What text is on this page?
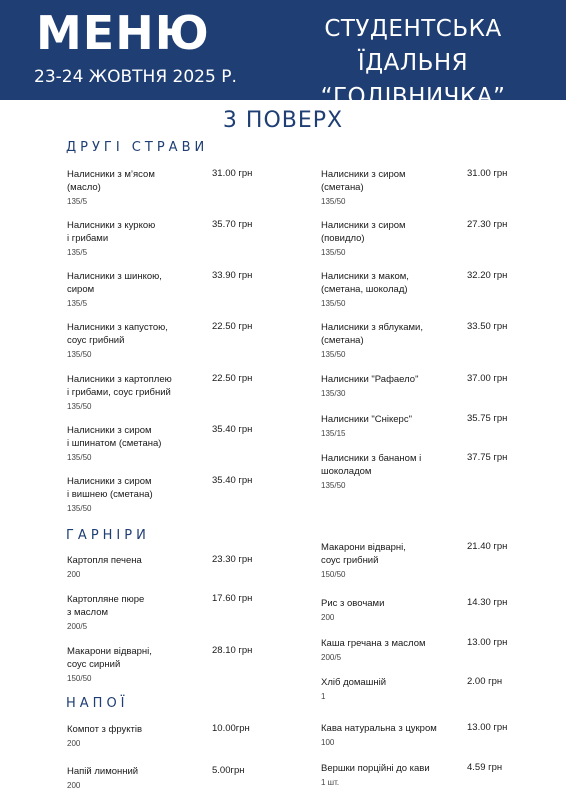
МЕНЮ
23-24 ЖОВТНЯ 2025 Р.
СТУДЕНТСЬКА ЇДАЛЬНЯ
“ГОДІВНИЧКА”
3 ПОВЕРХ
ДРУГІ СТРАВИ
ГАРНІРИ
НАПОЇ
Налисники з м’ясом
(масло)
135/5
31.00 грн
Налисники з куркою
і грибами
135/5
35.70 грн
Налисники з шинкою,
сиром
135/5
33.90 грн
Налисники з капустою,
соус грибний
135/50
22.50 грн
Налисники з картоплею
і грибами, соус грибний
135/50
22.50 грн
Налисники з сиром
і шпинатом (сметана)
135/50
35.40 грн
Налисники з сиром
і вишнею (сметана)
135/50
35.40 грн
Налисники з сиром
(сметана)
135/50
31.00 грн
Налисники з сиром
(повидло)
135/50
27.30 грн
Налисники з маком,
(сметана, шоколад)
135/50
32.20 грн
Налисники з яблуками,
(сметана)
135/50
33.50 грн
Налисники "Рафаело"
135/30
37.00 грн
Налисники "Снікерс"
135/15
35.75 грн
Налисники з бананом і
шоколадом
135/50
37.75 грн
Картопля печена
200
23.30 грн
Картопляне пюре
з маслом
200/5
17.60 грн
Макарони відварні,
соус сирний
150/50
28.10 грн
Макарони відварні,
соус грибний
150/50
21.40 грн
Рис з овочами
200
14.30 грн
Каша гречана з маслом
200/5
13.00 грн
Хліб домашній
1
2.00 грн
Компот з фруктів
200
10.00грн
Напій лимонний
200
5.00грн
Кава натуральна з цукром
100
13.00 грн
Вершки порційні до кави
1 шт.
4.59 грн
